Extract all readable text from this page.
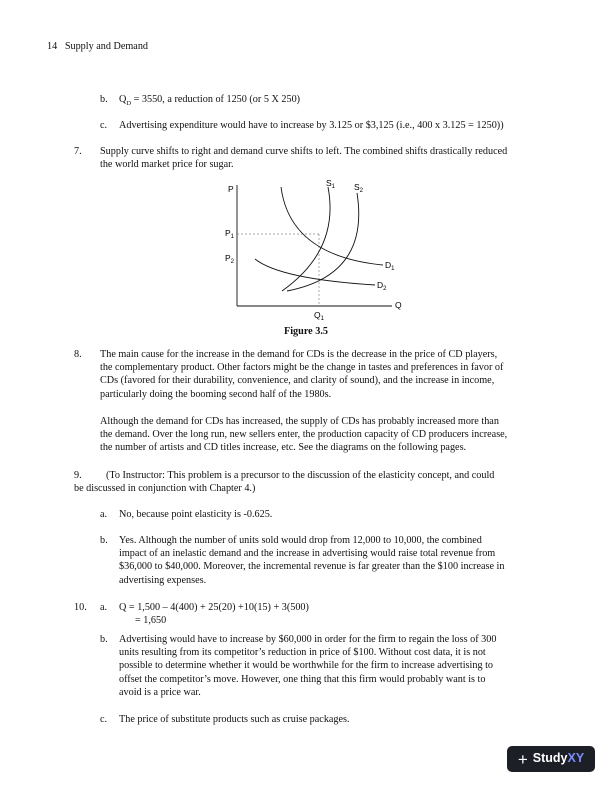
14 Supply and Demand
b. $Q_D = 3550$, a reduction of 1250 (or 5 X 250)
c. Advertising expenditure would have to increase by 3.125 or $3,125 (i.e., 400 x 3.125 = 1250))
7. Supply curve shifts to right and demand curve shifts to left. The combined shifts drastically reduced
the world market price for sugar.
P
Q
$S_1$ $S_2$
$P_1$
$P_2$	$D_1$
$D_2$
$Q_1$
Figure 3.5
8. The main cause for the increase in the demand for CDs is the decrease in the price of CD players,
the complementary product. Other factors might be the change in tastes and preferences in favor of
CDs (favored for their durability, convenience, and clarity of sound), and the increase in income,
particularly doing the booming second half of the 1980s.
Although the demand for CDs has increased, the supply of CDs has probably increased more than
the demand. Over the long run, new sellers enter, the production capacity of CD producers increase,
the number of artists and CD titles increase, etc. See the diagrams on the following pages.
9. (To Instructor: This problem is a precursor to the discussion of the elasticity concept, and could
be discussed in conjunction with Chapter 4.)
a. No, because point elasticity is -0.625.
b. Yes. Although the number of units sold would drop from 12,000 to 10,000, the combined
impact of an inelastic demand and the increase in advertising would raise total revenue from
$36,000 to $40,000. Moreover, the incremental revenue is far greater than the $100 increase in
advertising expenses.
10. a. Q = 1,500 – 4(400) + 25(20) +10(15) + 3(500)
= 1,650
b. Advertising would have to increase by $60,000 in order for the firm to regain the loss of 300
units resulting from its competitor’s reduction in price of $100. Without cost data, it is not
possible to determine whether it would be worthwhile for the firm to increase advertising to
offset the competitor’s move. However, one thing that this firm would probably want is to
avoid is a price war.
c. The price of substitute products such as cruise packages.
+ StudyXY
